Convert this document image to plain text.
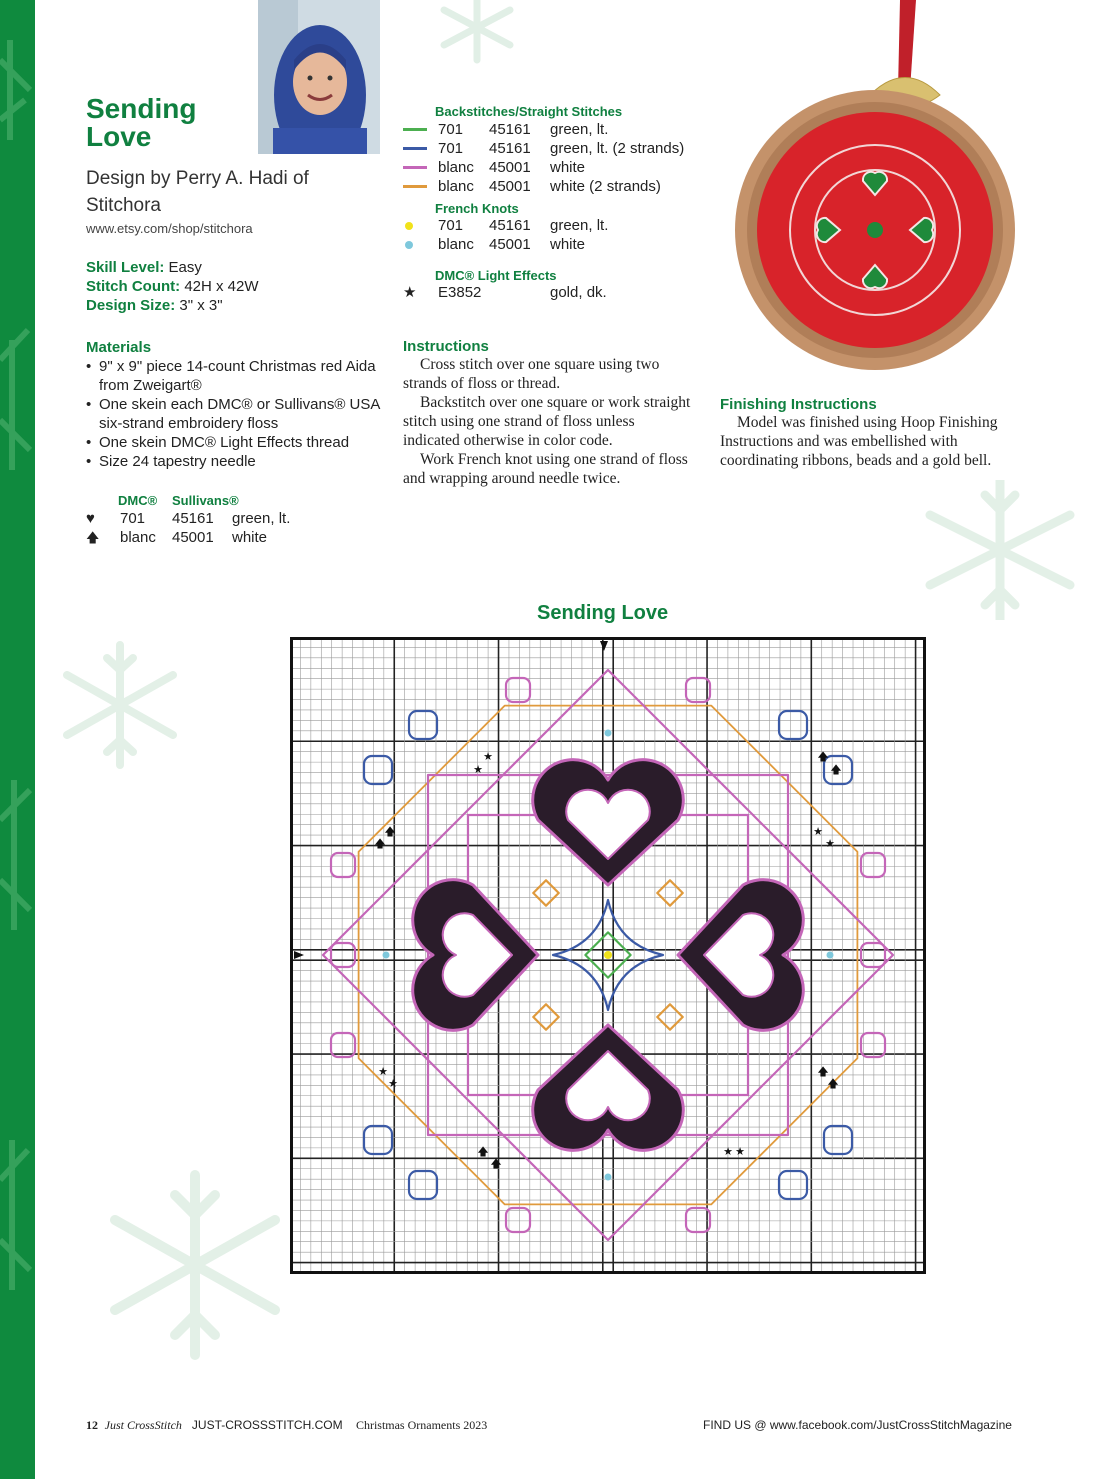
Sending Love
Design by Perry A. Hadi of Stitchora
www.etsy.com/shop/stitchora
Skill Level: Easy
Stitch Count: 42H x 42W
Design Size: 3" x 3"
Materials
• 9" x 9" piece 14-count Christmas red Aida from Zweigart®
• One skein each DMC® or Sullivans® USA six-strand embroidery floss
• One skein DMC® Light Effects thread
• Size 24 tapestry needle
DMC® Sullivans®
♥ 701 45161 green, lt.
🡅 blanc 45001 white
Backstitches/Straight Stitches
701 45161 green, lt.
701 45161 green, lt. (2 strands)
blanc 45001 white
blanc 45001 white (2 strands)
French Knots
701 45161 green, lt.
blanc 45001 white
DMC® Light Effects
★ E3852	gold, dk.
Instructions

Cross stitch over one square using two strands of floss or thread.

Backstitch over one square or work straight stitch using one strand of floss unless indicated otherwise in color code.

Work French knot using one strand of floss and wrapping around needle twice.

Finishing Instructions

Model was finished using Hoop Finishing Instructions and was embellished with coordinating ribbons, beads and a gold bell.

Sending Love
★
★
🡅
🡅
🡅
🡅
★
★
★
★
🡅
🡅
🡅
🡅
★ ★
12 Just CrossStitch JUST-CROSSSTITCH.COM Christmas Ornaments 2023	FIND US @ www.facebook.com/JustCrossStitchMagazine
